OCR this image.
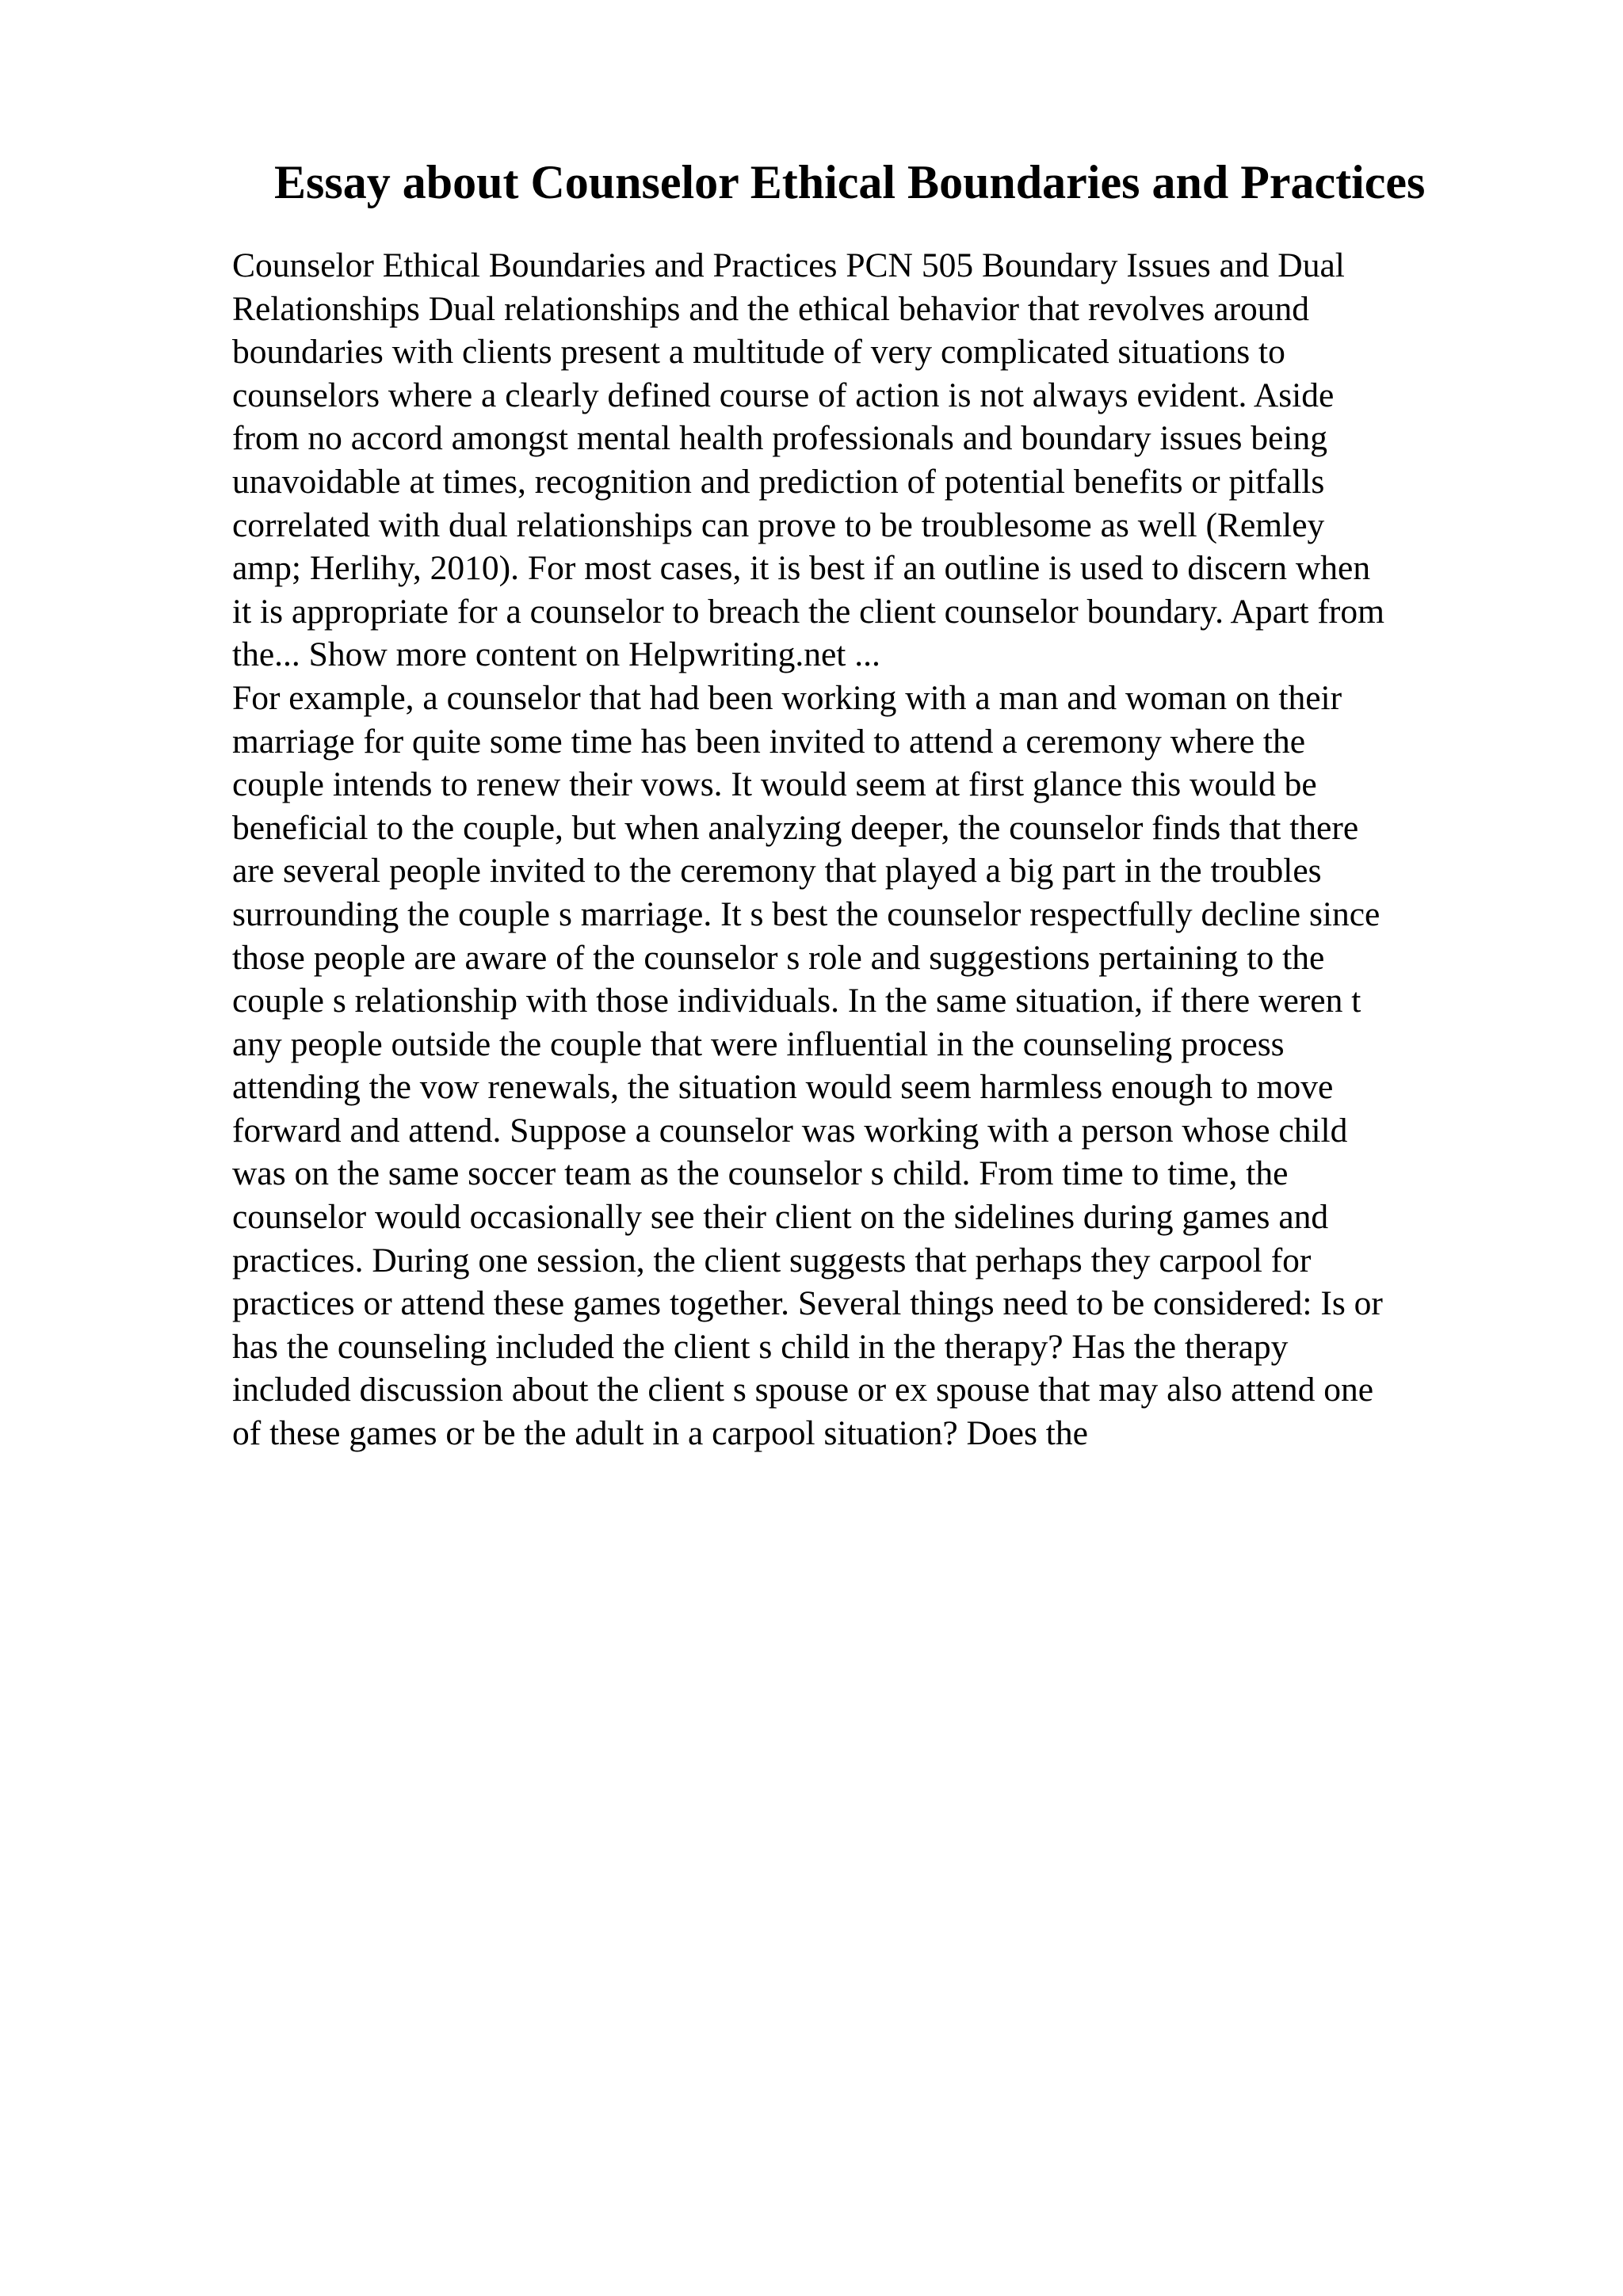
Essay about Counselor Ethical Boundaries and Practices
Counselor Ethical Boundaries and Practices PCN 505 Boundary Issues and Dual
Relationships Dual relationships and the ethical behavior that revolves around
boundaries with clients present a multitude of very complicated situations to
counselors where a clearly defined course of action is not always evident. Aside
from no accord amongst mental health professionals and boundary issues being
unavoidable at times, recognition and prediction of potential benefits or pitfalls
correlated with dual relationships can prove to be troublesome as well (Remley
amp; Herlihy, 2010). For most cases, it is best if an outline is used to discern when
it is appropriate for a counselor to breach the client counselor boundary. Apart from
the... Show more content on Helpwriting.net ...
For example, a counselor that had been working with a man and woman on their
marriage for quite some time has been invited to attend a ceremony where the
couple intends to renew their vows. It would seem at first glance this would be
beneficial to the couple, but when analyzing deeper, the counselor finds that there
are several people invited to the ceremony that played a big part in the troubles
surrounding the couple s marriage. It s best the counselor respectfully decline since
those people are aware of the counselor s role and suggestions pertaining to the
couple s relationship with those individuals. In the same situation, if there weren t
any people outside the couple that were influential in the counseling process
attending the vow renewals, the situation would seem harmless enough to move
forward and attend. Suppose a counselor was working with a person whose child
was on the same soccer team as the counselor s child. From time to time, the
counselor would occasionally see their client on the sidelines during games and
practices. During one session, the client suggests that perhaps they carpool for
practices or attend these games together. Several things need to be considered: Is or
has the counseling included the client s child in the therapy? Has the therapy
included discussion about the client s spouse or ex spouse that may also attend one
of these games or be the adult in a carpool situation? Does the
